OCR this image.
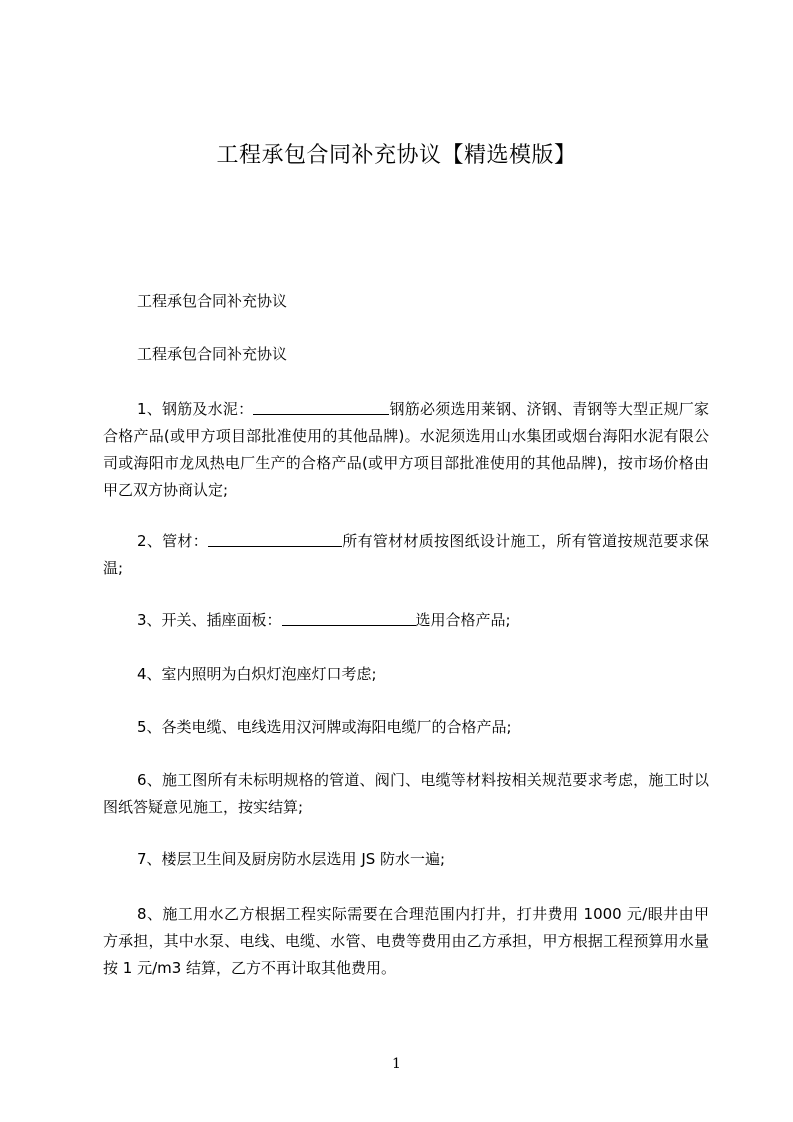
工程承包合同补充协议【精选模版】
工程承包合同补充协议
工程承包合同补充协议
1、钢筋及水泥：	钢筋必须选用莱钢、济钢、青钢等大型正规厂家合格产品(或甲方项目部批准使用的其他品牌)。水泥须选用山水集团或烟台海阳水泥有限公司或海阳市龙凤热电厂生产的合格产品(或甲方项目部批准使用的其他品牌)，按市场价格由甲乙双方协商认定;
2、管材：	所有管材材质按图纸设计施工，所有管道按规范要求保温;
3、开关、插座面板：	选用合格产品;
4、室内照明为白炽灯泡座灯口考虑;
5、各类电缆、电线选用汉河牌或海阳电缆厂的合格产品;
6、施工图所有未标明规格的管道、阀门、电缆等材料按相关规范要求考虑，施工时以图纸答疑意见施工，按实结算;
7、楼层卫生间及厨房防水层选用 JS 防水一遍;
8、施工用水乙方根据工程实际需要在合理范围内打井，打井费用 1000 元/眼井由甲方承担，其中水泵、电线、电缆、水管、电费等费用由乙方承担，甲方根据工程预算用水量按 1 元/m3 结算，乙方不再计取其他费用。
1
